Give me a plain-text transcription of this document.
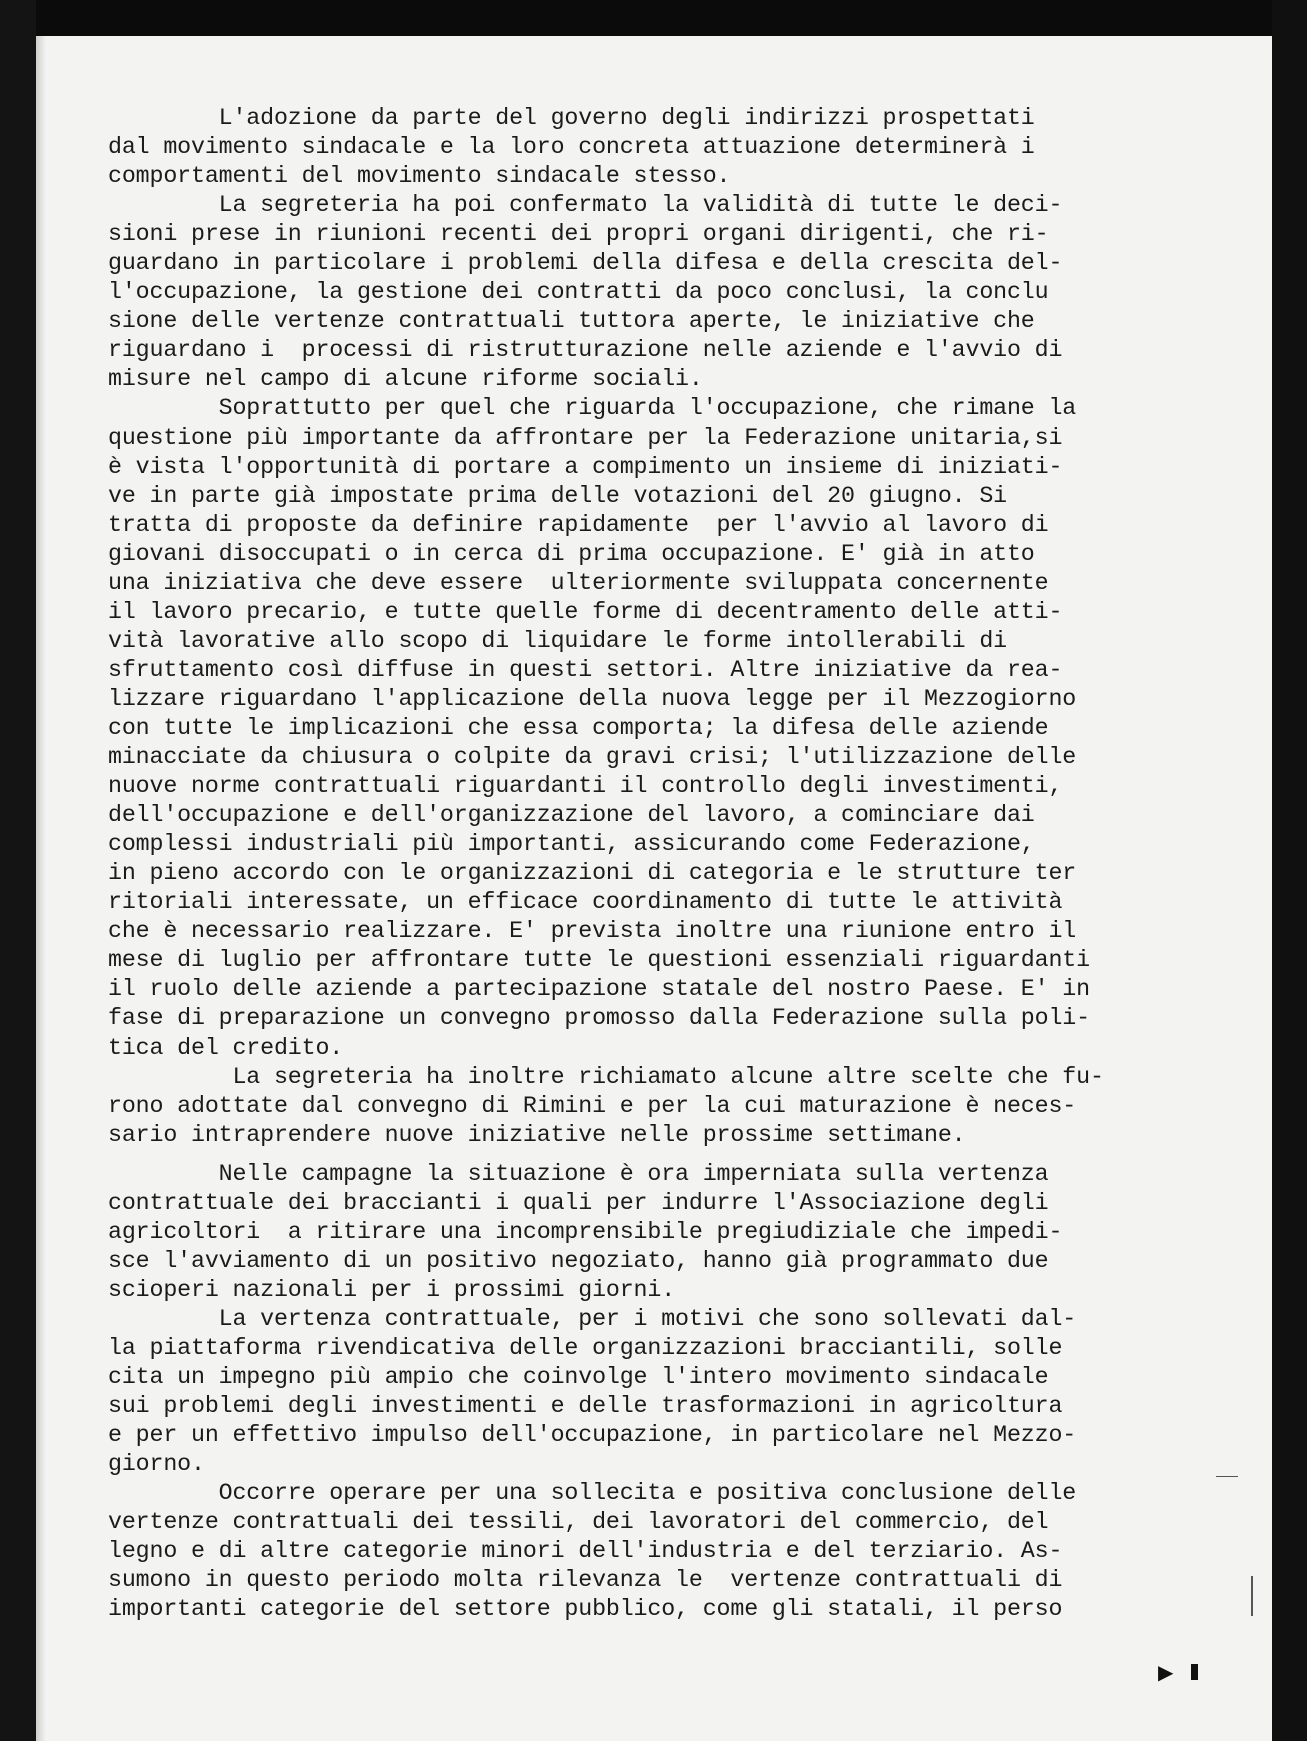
L'adozione da parte del governo degli indirizzi prospettati
dal movimento sindacale e la loro concreta attuazione determinerà i
comportamenti del movimento sindacale stesso.
La segreteria ha poi confermato la validità di tutte le deci-
sioni prese in riunioni recenti dei propri organi dirigenti, che ri-
guardano in particolare i problemi della difesa e della crescita del-
l'occupazione, la gestione dei contratti da poco conclusi, la conclu
sione delle vertenze contrattuali tuttora aperte, le iniziative che
riguardano i  processi di ristrutturazione nelle aziende e l'avvio di
misure nel campo di alcune riforme sociali.
Soprattutto per quel che riguarda l'occupazione, che rimane la
questione più importante da affrontare per la Federazione unitaria,si
è vista l'opportunità di portare a compimento un insieme di iniziati-
ve in parte già impostate prima delle votazioni del 20 giugno. Si
tratta di proposte da definire rapidamente  per l'avvio al lavoro di
giovani disoccupati o in cerca di prima occupazione. E' già in atto
una iniziativa che deve essere  ulteriormente sviluppata concernente
il lavoro precario, e tutte quelle forme di decentramento delle atti-
vità lavorative allo scopo di liquidare le forme intollerabili di
sfruttamento così diffuse in questi settori. Altre iniziative da rea-
lizzare riguardano l'applicazione della nuova legge per il Mezzogiorno
con tutte le implicazioni che essa comporta; la difesa delle aziende
minacciate da chiusura o colpite da gravi crisi; l'utilizzazione delle
nuove norme contrattuali riguardanti il controllo degli investimenti,
dell'occupazione e dell'organizzazione del lavoro, a cominciare dai
complessi industriali più importanti, assicurando come Federazione,
in pieno accordo con le organizzazioni di categoria e le strutture ter
ritoriali interessate, un efficace coordinamento di tutte le attività
che è necessario realizzare. E' prevista inoltre una riunione entro il
mese di luglio per affrontare tutte le questioni essenziali riguardanti
il ruolo delle aziende a partecipazione statale del nostro Paese. E' in
fase di preparazione un convegno promosso dalla Federazione sulla poli-
tica del credito.
La segreteria ha inoltre richiamato alcune altre scelte che fu-
rono adottate dal convegno di Rimini e per la cui maturazione è neces-
sario intraprendere nuove iniziative nelle prossime settimane.
Nelle campagne la situazione è ora imperniata sulla vertenza
contrattuale dei braccianti i quali per indurre l'Associazione degli
agricoltori  a ritirare una incomprensibile pregiudiziale che impedi-
sce l'avviamento di un positivo negoziato, hanno già programmato due
scioperi nazionali per i prossimi giorni.
La vertenza contrattuale, per i motivi che sono sollevati dal-
la piattaforma rivendicativa delle organizzazioni bracciantili, solle
cita un impegno più ampio che coinvolge l'intero movimento sindacale
sui problemi degli investimenti e delle trasformazioni in agricoltura
e per un effettivo impulso dell'occupazione, in particolare nel Mezzo-
giorno.
Occorre operare per una sollecita e positiva conclusione delle
vertenze contrattuali dei tessili, dei lavoratori del commercio, del
legno e di altre categorie minori dell'industria e del terziario. As-
sumono in questo periodo molta rilevanza le  vertenze contrattuali di
importanti categorie del settore pubblico, come gli statali, il perso
▶
